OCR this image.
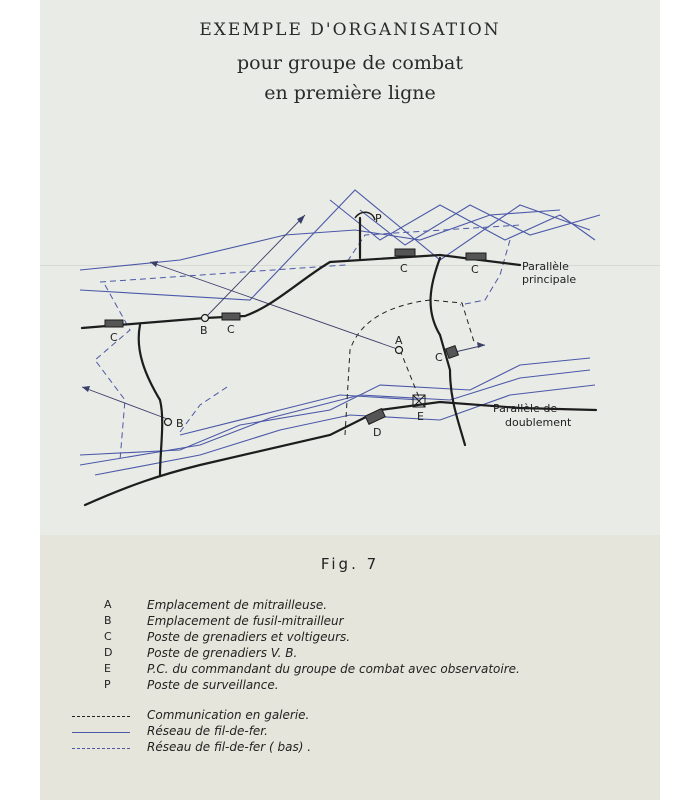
EXEMPLE D'ORGANISATION
pour groupe de combat
en première ligne
C
C
B
C	C
B
A
C
E
D
P
Parallèle
principale
Parallèle de
doublement
Fig. 7
A	Emplacement de mitrailleuse.
B	Emplacement de fusil-mitrailleur
C	Poste de grenadiers et voltigeurs.
D	Poste de grenadiers V. B.
E	P.C. du commandant du groupe de combat avec observatoire.
P	Poste de surveillance.
Communication en galerie.
Réseau de fil-de-fer.
Réseau de fil-de-fer ( bas) .
